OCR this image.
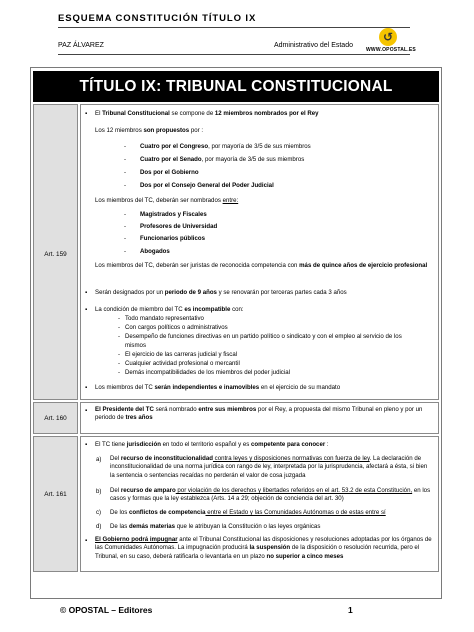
ESQUEMA CONSTITUCIÓN TÍTULO IX
PAZ ÁLVAREZ	Administrativo del Estado
↺
WWW.OPOSTAL.ES
TÍTULO IX: TRIBUNAL CONSTITUCIONAL
Art. 159
▪ El Tribunal Constitucional se compone de 12 miembros nombrados por el Rey
Los 12 miembros son propuestos por :
- Cuatro por el Congreso, por mayoría de 3/5 de sus miembros
- Cuatro por el Senado, por mayoría de 3/5 de sus miembros
- Dos por el Gobierno
- Dos por el Consejo General del Poder Judicial
Los miembros del TC, deberán ser nombrados entre:
- Magistrados y Fiscales
- Profesores de Universidad
- Funcionarios públicos
- Abogados
Los miembros del TC, deberán ser juristas de reconocida competencia con más de quince años de ejercicio profesional
▪ Serán designados por un periodo de 9 años y se renovarán por terceras partes cada 3 años
▪ La condición de miembro del TC es incompatible con:
- Todo mandato representativo
- Con cargos políticos o administrativos
- Desempeño de funciones directivas en un partido político o sindicato y con el empleo al servicio de los
mismos
- El ejercicio de las carreras judicial y fiscal
- Cualquier actividad profesional o mercantil
- Demás incompatibilidades de los miembros del poder judicial
▪ Los miembros del TC serán independientes e inamovibles en el ejercicio de su mandato
Art. 160
▪ El Presidente del TC será nombrado entre sus miembros por el Rey, a propuesta del mismo Tribunal en pleno y por un periodo de tres años
Art. 161
▪ El TC tiene jurisdicción en todo el territorio español y es competente para conocer :
a) Del recurso de inconstitucionalidad contra leyes y disposiciones normativas con fuerza de ley. La declaración de inconstitucionalidad de una norma jurídica con rango de ley, interpretada por la jurisprudencia, afectará a ésta, si bien la sentencia o sentencias recaídas no perderán el valor de cosa juzgada
b) Del recurso de amparo por violación de los derechos y libertades referidos en el art. 53.2 de esta Constitución, en los casos y formas que la ley establezca (Arts. 14 a 29; objeción de conciencia del art. 30)
c) De los conflictos de competencia entre el Estado y las Comunidades Autónomas o de estas entre sí
d) De las demás materias que le atribuyan la Constitución o las leyes orgánicas
▪ El Gobierno podrá impugnar ante el Tribunal Constitucional las disposiciones y resoluciones adoptadas por los órganos de las Comunidades Autónomas. La impugnación producirá la suspensión de la disposición o resolución recurrida, pero el Tribunal, en su caso, deberá ratificarla o levantarla en un plazo no superior a cinco meses
© OPOSTAL – Editores	1
